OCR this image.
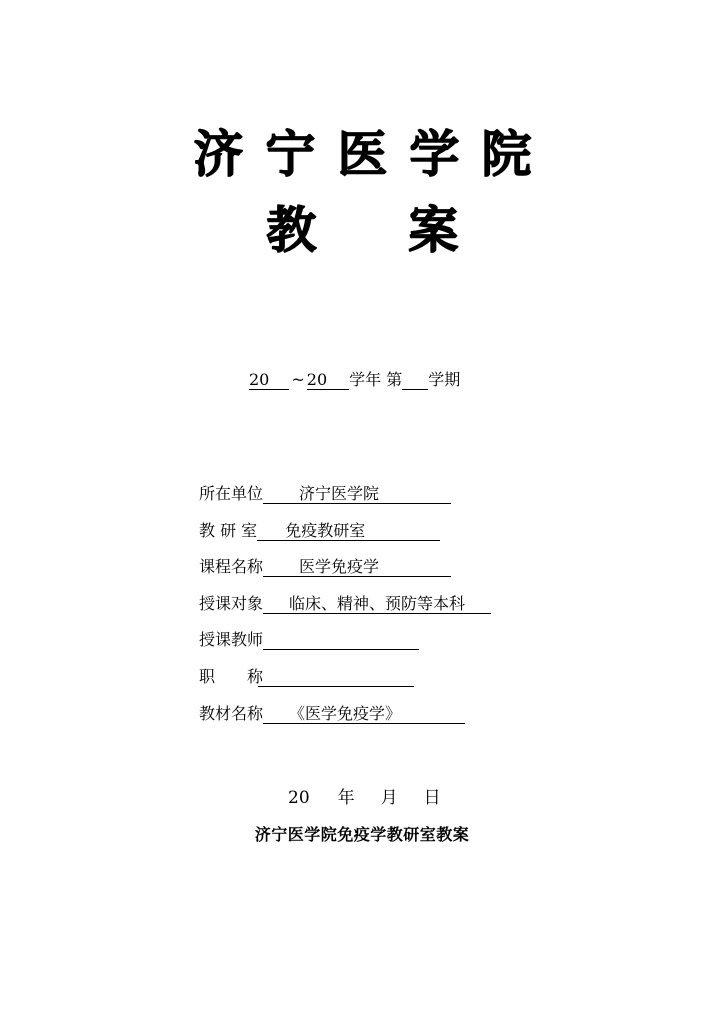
济宁医学院
教 案
20 ~ 20 学年 第 学期
所在单位 济宁医学院
教 研 室 免疫教研室
课程名称 医学免疫学
授课对象 临床、精神、预防等本科
授课教师
职　　称
教材名称 《医学免疫学》
20 年 月 日
济宁医学院免疫学教研室教案
